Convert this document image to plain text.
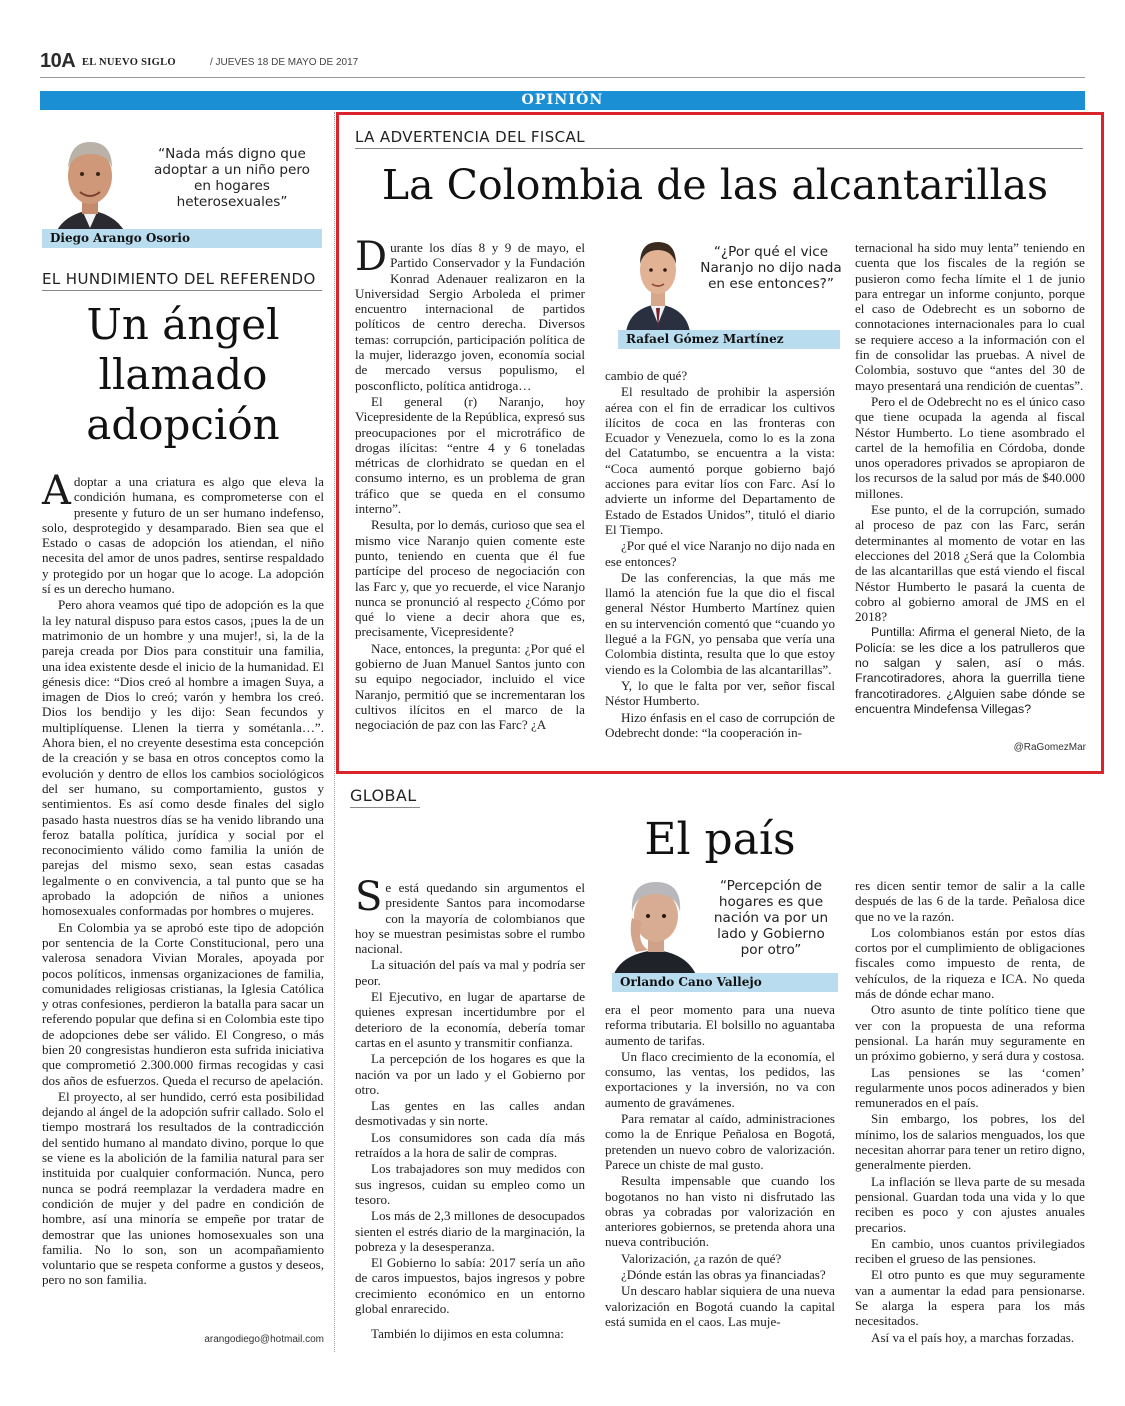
10A EL NUEVO SIGLO	/ JUEVES 18 DE MAYO DE 2017
OPINIÓN
“Nada más digno que adoptar a un niño pero en hogares heterosexuales”
Diego Arango Osorio
EL HUNDIMIENTO DEL REFERENDO
Un ángel
llamado
adopción

Adoptar a una criatura es algo que eleva la condición humana, es comprometerse con el presente y futuro de un ser humano indefenso, solo, desprotegido y desamparado. Bien sea que el Estado o casas de adopción los atiendan, el niño necesita del amor de unos padres, sentirse respaldado y protegido por un hogar que lo acoge. La adopción sí es un derecho humano.

Pero ahora veamos qué tipo de adopción es la que la ley natural dispuso para estos casos, ¡pues la de un matrimonio de un hombre y una mujer!, si, la de la pareja creada por Dios para constituir una familia, una idea existente desde el inicio de la humanidad. El génesis dice: “Dios creó al hombre a imagen Suya, a imagen de Dios lo creó; varón y hembra los creó. Dios los bendijo y les dijo: Sean fecundos y multiplíquense. Llenen la tierra y sométanla…”. Ahora bien, el no creyente desestima esta concepción de la creación y se basa en otros conceptos como la evolución y dentro de ellos los cambios sociológicos del ser humano, su comportamiento, gustos y sentimientos. Es así como desde finales del siglo pasado hasta nuestros días se ha venido librando una feroz batalla política, jurídica y social por el reconocimiento válido como familia la unión de parejas del mismo sexo, sean estas casadas legalmente o en convivencia, a tal punto que se ha aprobado la adopción de niños a uniones homosexuales conformadas por hombres o mujeres.

En Colombia ya se aprobó este tipo de adopción por sentencia de la Corte Constitucional, pero una valerosa senadora Vivian Morales, apoyada por pocos políticos, inmensas organizaciones de familia, comunidades religiosas cristianas, la Iglesia Católica y otras confesiones, perdieron la batalla para sacar un referendo popular que defina si en Colombia este tipo de adopciones debe ser válido. El Congreso, o más bien 20 congresistas hundieron esta sufrida iniciativa que comprometió 2.300.000 firmas recogidas y casi dos años de esfuerzos. Queda el recurso de apelación.

El proyecto, al ser hundido, cerró esta posibilidad dejando al ángel de la adopción sufrir callado. Solo el tiempo mostrará los resultados de la contradicción del sentido humano al mandato divino, porque lo que se viene es la abolición de la familia natural para ser instituida por cualquier conformación. Nunca, pero nunca se podrá reemplazar la verdadera madre en condición de mujer y del padre en condición de hombre, así una minoría se empeñe por tratar de demostrar que las uniones homosexuales son una familia. No lo son, son un acompañamiento voluntario que se respeta conforme a gustos y deseos, pero no son familia.

arangodiego@hotmail.com
LA ADVERTENCIA DEL FISCAL
La Colombia de las alcantarillas

Durante los días 8 y 9 de mayo, el Partido Conservador y la Fundación Konrad Adenauer realizaron en la Universidad Sergio Arboleda el primer encuentro internacional de partidos políticos de centro derecha. Diversos temas: corrupción, participación política de la mujer, liderazgo joven, economía social de mercado versus populismo, el posconflicto, política antidroga…

El general (r) Naranjo, hoy Vicepresidente de la República, expresó sus preocupaciones por el microtráfico de drogas ilícitas: “entre 4 y 6 toneladas métricas de clorhidrato se quedan en el consumo interno, es un problema de gran tráfico que se queda en el consumo interno”.

Resulta, por lo demás, curioso que sea el mismo vice Naranjo quien comente este punto, teniendo en cuenta que él fue partícipe del proceso de negociación con las Farc y, que yo recuerde, el vice Naranjo nunca se pronunció al respecto ¿Cómo por qué lo viene a decir ahora que es, precisamente, Vicepresidente?

Nace, entonces, la pregunta: ¿Por qué el gobierno de Juan Manuel Santos junto con su equipo negociador, incluido el vice Naranjo, permitió que se incrementaran los cultivos ilícitos en el marco de la negociación de paz con las Farc? ¿A

“¿Por qué el vice Naranjo no dijo nada en ese entonces?”
Rafael Gómez Martínez

cambio de qué?

El resultado de prohibir la aspersión aérea con el fin de erradicar los cultivos ilícitos de coca en las fronteras con Ecuador y Venezuela, como lo es la zona del Catatumbo, se encuentra a la vista: “Coca aumentó porque gobierno bajó acciones para evitar líos con Farc. Así lo advierte un informe del Departamento de Estado de Estados Unidos”, tituló el diario El Tiempo.

¿Por qué el vice Naranjo no dijo nada en ese entonces?

De las conferencias, la que más me llamó la atención fue la que dio el fiscal general Néstor Humberto Martínez quien en su intervención comentó que “cuando yo llegué a la FGN, yo pensaba que vería una Colombia distinta, resulta que lo que estoy viendo es la Colombia de las alcantarillas”.

Y, lo que le falta por ver, señor fiscal Néstor Humberto.

Hizo énfasis en el caso de corrupción de Odebrecht donde: “la cooperación in-

ternacional ha sido muy lenta” teniendo en cuenta que los fiscales de la región se pusieron como fecha límite el 1 de junio para entregar un informe conjunto, porque el caso de Odebrecht es un soborno de connotaciones internacionales para lo cual se requiere acceso a la información con el fin de consolidar las pruebas. A nivel de Colombia, sostuvo que “antes del 30 de mayo presentará una rendición de cuentas”.

Pero el de Odebrecht no es el único caso que tiene ocupada la agenda al fiscal Néstor Humberto. Lo tiene asombrado el cartel de la hemofilia en Córdoba, donde unos operadores privados se apropiaron de los recursos de la salud por más de $40.000 millones.

Ese punto, el de la corrupción, sumado al proceso de paz con las Farc, serán determinantes al momento de votar en las elecciones del 2018 ¿Será que la Colombia de las alcantarillas que está viendo el fiscal Néstor Humberto le pasará la cuenta de cobro al gobierno amoral de JMS en el 2018?

Puntilla: Afirma el general Nieto, de la Policía: se les dice a los patrulleros que no salgan y salen, así o más. Francotiradores, ahora la guerrilla tiene francotiradores. ¿Alguien sabe dónde se encuentra Mindefensa Villegas?

@RaGomezMar
GLOBAL
El país

Se está quedando sin argumentos el presidente Santos para incomodarse con la mayoría de colombianos que hoy se muestran pesimistas sobre el rumbo nacional.

La situación del país va mal y podría ser peor.

El Ejecutivo, en lugar de apartarse de quienes expresan incertidumbre por el deterioro de la economía, debería tomar cartas en el asunto y transmitir confianza.

La percepción de los hogares es que la nación va por un lado y el Gobierno por otro.

Las gentes en las calles andan desmotivadas y sin norte.

Los consumidores son cada día más retraídos a la hora de salir de compras.

Los trabajadores son muy medidos con sus ingresos, cuidan su empleo como un tesoro.

Los más de 2,3 millones de desocupados sienten el estrés diario de la marginación, la pobreza y la desesperanza.

El Gobierno lo sabía: 2017 sería un año de caros impuestos, bajos ingresos y pobre crecimiento económico en un entorno global enrarecido.

También lo dijimos en esta columna:

“Percepción de hogares es que nación va por un lado y Gobierno por otro”
Orlando Cano Vallejo

era el peor momento para una nueva reforma tributaria. El bolsillo no aguantaba aumento de tarifas.

Un flaco crecimiento de la economía, el consumo, las ventas, los pedidos, las exportaciones y la inversión, no va con aumento de gravámenes.

Para rematar al caído, administraciones como la de Enrique Peñalosa en Bogotá, pretenden un nuevo cobro de valorización. Parece un chiste de mal gusto.

Resulta impensable que cuando los bogotanos no han visto ni disfrutado las obras ya cobradas por valorización en anteriores gobiernos, se pretenda ahora una nueva contribución.

Valorización, ¿a razón de qué?

¿Dónde están las obras ya financiadas?

Un descaro hablar siquiera de una nueva valorización en Bogotá cuando la capital está sumida en el caos. Las muje-

res dicen sentir temor de salir a la calle después de las 6 de la tarde. Peñalosa dice que no ve la razón.

Los colombianos están por estos días cortos por el cumplimiento de obligaciones fiscales como impuesto de renta, de vehículos, de la riqueza e ICA. No queda más de dónde echar mano.

Otro asunto de tinte político tiene que ver con la propuesta de una reforma pensional. La harán muy seguramente en un próximo gobierno, y será dura y costosa.

Las pensiones se las ‘comen’ regularmente unos pocos adinerados y bien remunerados en el país.

Sin embargo, los pobres, los del mínimo, los de salarios menguados, los que necesitan ahorrar para tener un retiro digno, generalmente pierden.

La inflación se lleva parte de su mesada pensional. Guardan toda una vida y lo que reciben es poco y con ajustes anuales precarios.

En cambio, unos cuantos privilegiados reciben el grueso de las pensiones.

El otro punto es que muy seguramente van a aumentar la edad para pensionarse. Se alarga la espera para los más necesitados.

Así va el país hoy, a marchas forzadas.
